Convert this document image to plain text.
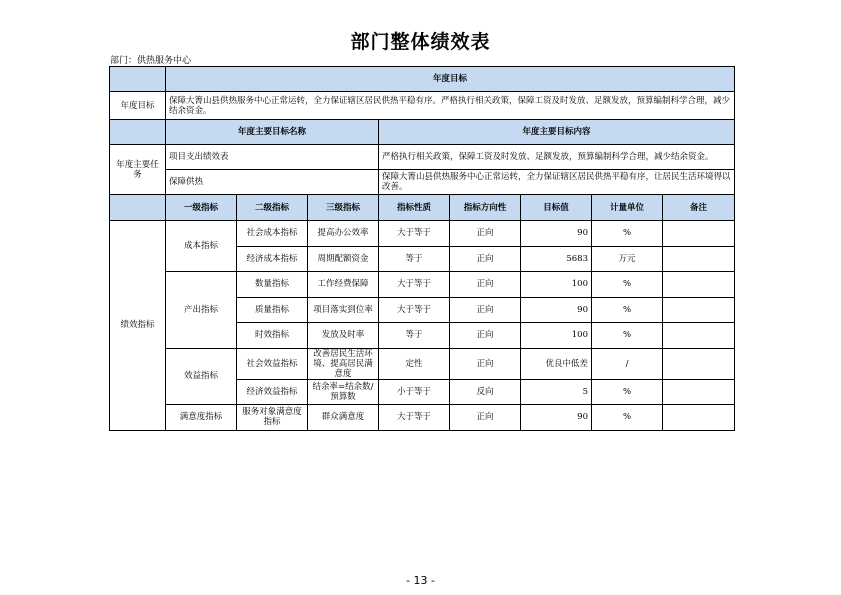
部门整体绩效表
部门：供热服务中心
	年度目标							
年度目标	保障大箐山县供热服务中心正常运转，全力保证辖区居民供热平稳有序。严格执行相关政策，保障工资及时发放、足额发放，预算编制科学合理，减少结余资金。							
	年度主要目标名称			年度主要目标内容				
年度主要任务	项目支出绩效表			严格执行相关政策，保障工资及时发放、足额发放，预算编制科学合理，减少结余资金。				
	保障供热			保障大箐山县供热服务中心正常运转，全力保证辖区居民供热平稳有序，让居民生活环境得以改善。				
	一级指标	二级指标	三级指标	指标性质	指标方向性	目标值	计量单位	备注
绩效指标	成本指标	社会成本指标	提高办公效率	大于等于	正向	90	%	
		经济成本指标	周期配额资金	等于	正向	5683	万元	
	产出指标	数量指标	工作经费保障	大于等于	正向	100	%	
		质量指标	项目落实到位率	大于等于	正向	90	%	
		时效指标	发放及时率	等于	正向	100	%	
	效益指标	社会效益指标	改善居民生活环境、提高居民满意度	定性	正向	优良中低差	/	
		经济效益指标	结余率=结余数/预算数	小于等于	反向	5	%	
	满意度指标	服务对象满意度指标	群众满意度	大于等于	正向	90	%	
- 13 -
